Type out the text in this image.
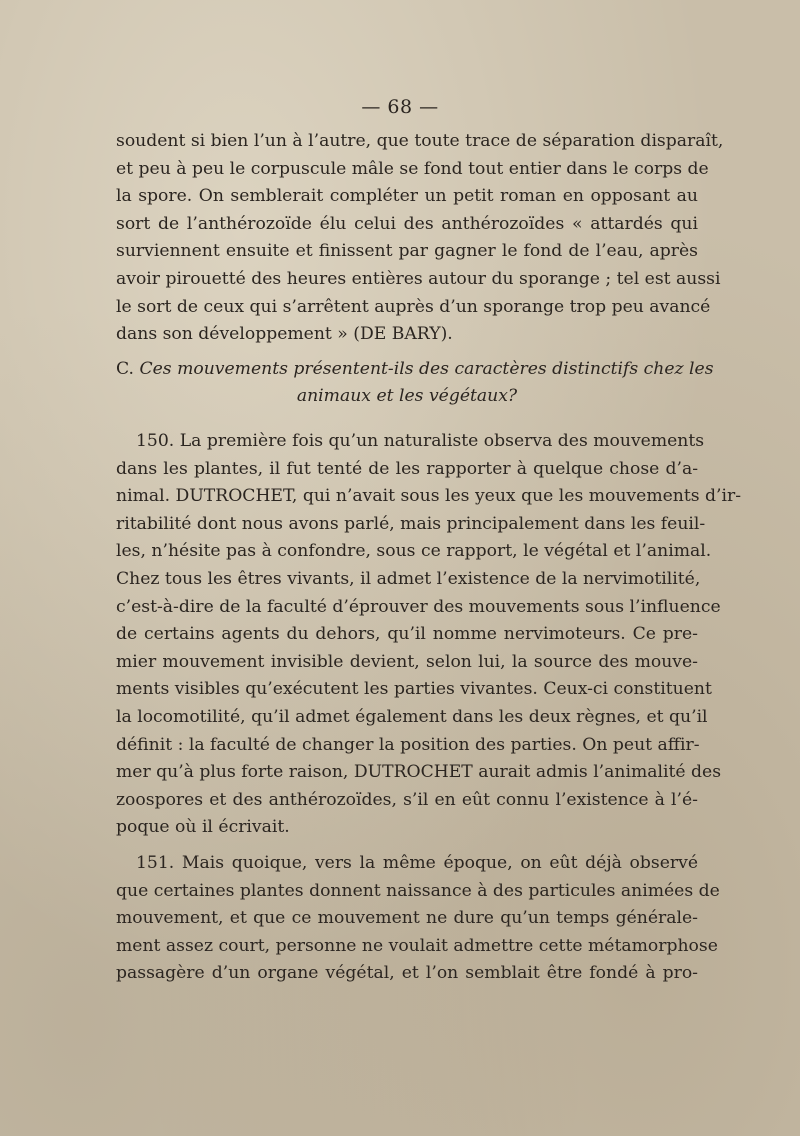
— 68 —
soudent si bien l’un à l’autre, que toute trace de séparation disparaît,
et peu à peu le corpuscule mâle se fond tout entier dans le corps de
la spore. On semblerait compléter un petit roman en opposant au
sort de l’anthérozoïde élu celui des anthérozoïdes « attardés qui
surviennent ensuite et finissent par gagner le fond de l’eau, après
avoir pirouetté des heures entières autour du sporange ; tel est aussi
le sort de ceux qui s’arrêtent auprès d’un sporange trop peu avancé
dans son développement » (DE BARY).
C. Ces mouvements présentent-ils des caractères distinctifs chez les
animaux et les végétaux?
150. La première fois qu’un naturaliste observa des mouvements
dans les plantes, il fut tenté de les rapporter à quelque chose d’a-
nimal. DUTROCHET, qui n’avait sous les yeux que les mouvements d’ir-
ritabilité dont nous avons parlé, mais principalement dans les feuil-
les, n’hésite pas à confondre, sous ce rapport, le végétal et l’animal.
Chez tous les êtres vivants, il admet l’existence de la nervimotilité,
c’est-à-dire de la faculté d’éprouver des mouvements sous l’influence
de certains agents du dehors, qu’il nomme nervimoteurs. Ce pre-
mier mouvement invisible devient, selon lui, la source des mouve-
ments visibles qu’exécutent les parties vivantes. Ceux-ci constituent
la locomotilité, qu’il admet également dans les deux règnes, et qu’il
définit : la faculté de changer la position des parties. On peut affir-
mer qu’à plus forte raison, DUTROCHET aurait admis l’animalité des
zoospores et des anthérozoïdes, s’il en eût connu l’existence à l’é-
poque où il écrivait.
151. Mais quoique, vers la même époque, on eût déjà observé
que certaines plantes donnent naissance à des particules animées de
mouvement, et que ce mouvement ne dure qu’un temps générale-
ment assez court, personne ne voulait admettre cette métamorphose
passagère d’un organe végétal, et l’on semblait être fondé à pro-
